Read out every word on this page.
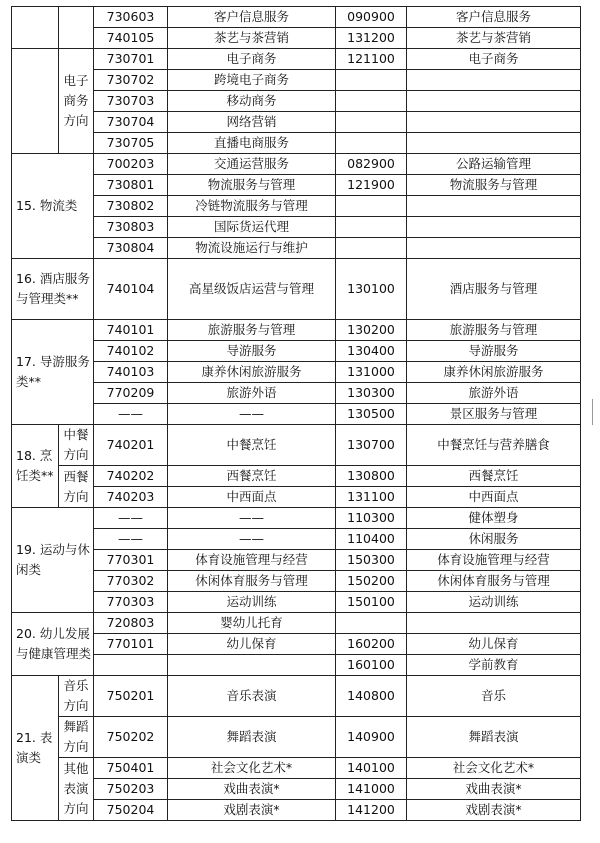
		730603	客户信息服务	090900	客户信息服务
		740105	茶艺与茶营销	131200	茶艺与茶营销
	电子商务方向	730701	电子商务	121100	电子商务
		730702	跨境电子商务		
		730703	移动商务		
		730704	网络营销		
		730705	直播电商服务		
15. 物流类		700203	交通运营服务	082900	公路运输管理
		730801	物流服务与管理	121900	物流服务与管理
		730802	冷链物流服务与管理		
		730803	国际货运代理		
		730804	物流设施运行与维护		
16. 酒店服务与管理类**		740104	高星级饭店运营与管理	130100	酒店服务与管理
17. 导游服务类**		740101	旅游服务与管理	130200	旅游服务与管理
		740102	导游服务	130400	导游服务
		740103	康养休闲旅游服务	131000	康养休闲旅游服务
		770209	旅游外语	130300	旅游外语
		——	——	130500	景区服务与管理
18. 烹饪类**	中餐方向	740201	中餐烹饪	130700	中餐烹饪与营养膳食
	西餐方向	740202	西餐烹饪	130800	西餐烹饪
		740203	中西面点	131100	中西面点
19. 运动与休闲类		——	——	110300	健体塑身
		——	——	110400	休闲服务
		770301	体育设施管理与经营	150300	体育设施管理与经营
		770302	休闲体育服务与管理	150200	休闲体育服务与管理
		770303	运动训练	150100	运动训练
20. 幼儿发展与健康管理类		720803	婴幼儿托育		
		770101	幼儿保育	160200	幼儿保育
				160100	学前教育
21. 表演类	音乐方向	750201	音乐表演	140800	音乐
	舞蹈方向	750202	舞蹈表演	140900	舞蹈表演
	其他表演方向	750401	社会文化艺术*	140100	社会文化艺术*
		750203	戏曲表演*	141000	戏曲表演*
		750204	戏剧表演*	141200	戏剧表演*
